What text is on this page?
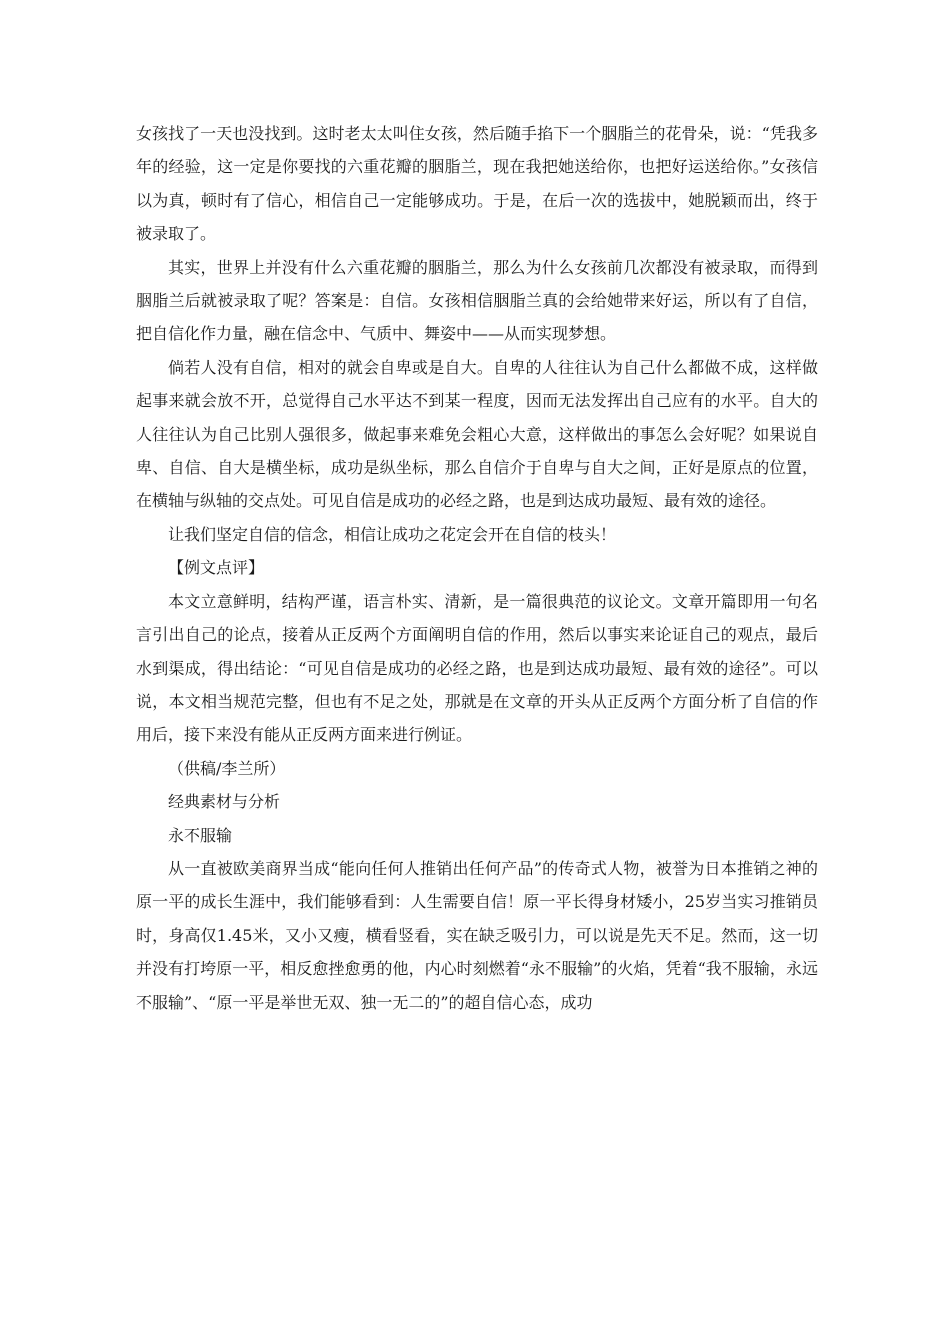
女孩找了一天也没找到。这时老太太叫住女孩，然后随手掐下一个胭脂兰的花骨朵，说：“凭我多年的经验，这一定是你要找的六重花瓣的胭脂兰，现在我把她送给你，也把好运送给你。”女孩信以为真，顿时有了信心，相信自己一定能够成功。于是，在后一次的选拔中，她脱颖而出，终于被录取了。

其实，世界上并没有什么六重花瓣的胭脂兰，那么为什么女孩前几次都没有被录取，而得到胭脂兰后就被录取了呢？答案是：自信。女孩相信胭脂兰真的会给她带来好运，所以有了自信，把自信化作力量，融在信念中、气质中、舞姿中——从而实现梦想。

倘若人没有自信，相对的就会自卑或是自大。自卑的人往往认为自己什么都做不成，这样做起事来就会放不开，总觉得自己水平达不到某一程度，因而无法发挥出自己应有的水平。自大的人往往认为自己比别人强很多，做起事来难免会粗心大意，这样做出的事怎么会好呢？如果说自卑、自信、自大是横坐标，成功是纵坐标，那么自信介于自卑与自大之间，正好是原点的位置，在横轴与纵轴的交点处。可见自信是成功的必经之路，也是到达成功最短、最有效的途径。

让我们坚定自信的信念，相信让成功之花定会开在自信的枝头！

【例文点评】

本文立意鲜明，结构严谨，语言朴实、清新，是一篇很典范的议论文。文章开篇即用一句名言引出自己的论点，接着从正反两个方面阐明自信的作用，然后以事实来论证自己的观点，最后水到渠成，得出结论：“可见自信是成功的必经之路，也是到达成功最短、最有效的途径”。可以说，本文相当规范完整，但也有不足之处，那就是在文章的开头从正反两个方面分析了自信的作用后，接下来没有能从正反两方面来进行例证。

（供稿/李兰所）

经典素材与分析

永不服输

从一直被欧美商界当成“能向任何人推销出任何产品”的传奇式人物，被誉为日本推销之神的原一平的成长生涯中，我们能够看到：人生需要自信！原一平长得身材矮小，25岁当实习推销员时，身高仅1.45米，又小又瘦，横看竖看，实在缺乏吸引力，可以说是先天不足。然而，这一切并没有打垮原一平，相反愈挫愈勇的他，内心时刻燃着“永不服输”的火焰，凭着“我不服输，永远不服输”、“原一平是举世无双、独一无二的”的超自信心态，成功
